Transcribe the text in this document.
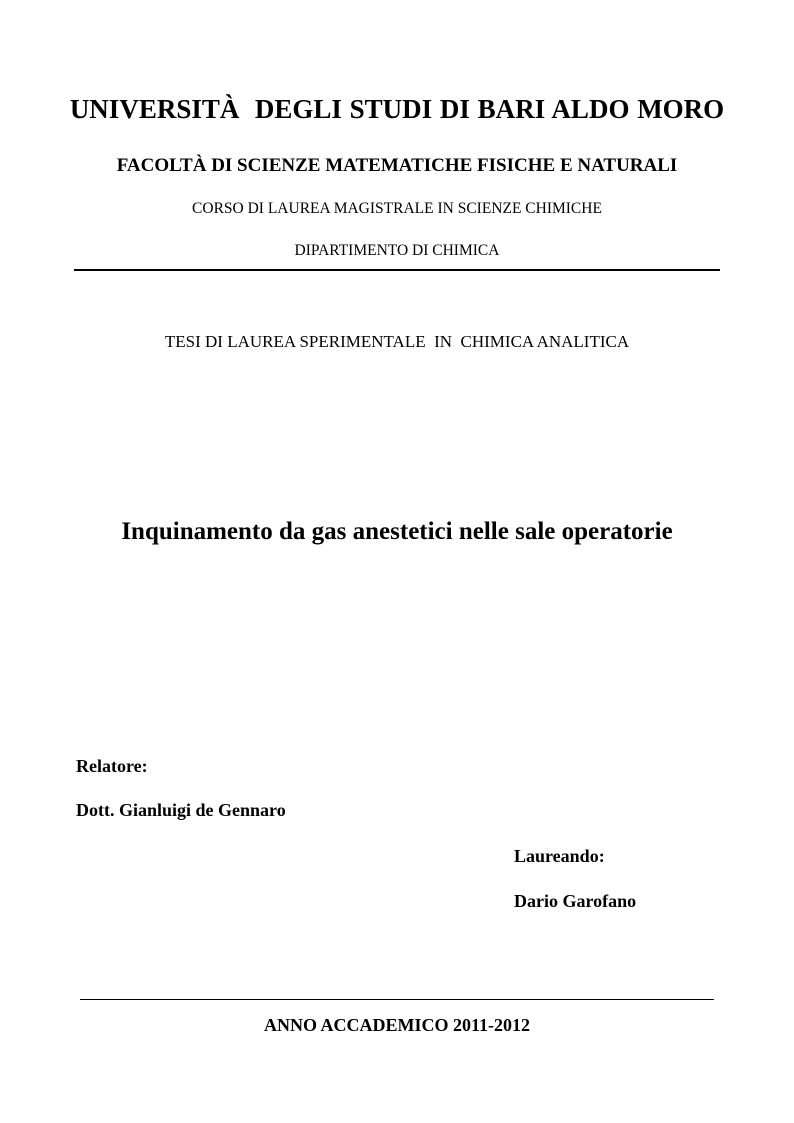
UNIVERSITÀ  DEGLI STUDI DI BARI ALDO MORO
FACOLTÀ DI SCIENZE MATEMATICHE FISICHE E NATURALI
CORSO DI LAUREA MAGISTRALE IN SCIENZE CHIMICHE
DIPARTIMENTO DI CHIMICA
TESI DI LAUREA SPERIMENTALE  IN  CHIMICA ANALITICA
Inquinamento da gas anestetici nelle sale operatorie
Relatore:
Dott. Gianluigi de Gennaro
Laureando:
Dario Garofano
ANNO ACCADEMICO 2011-2012
